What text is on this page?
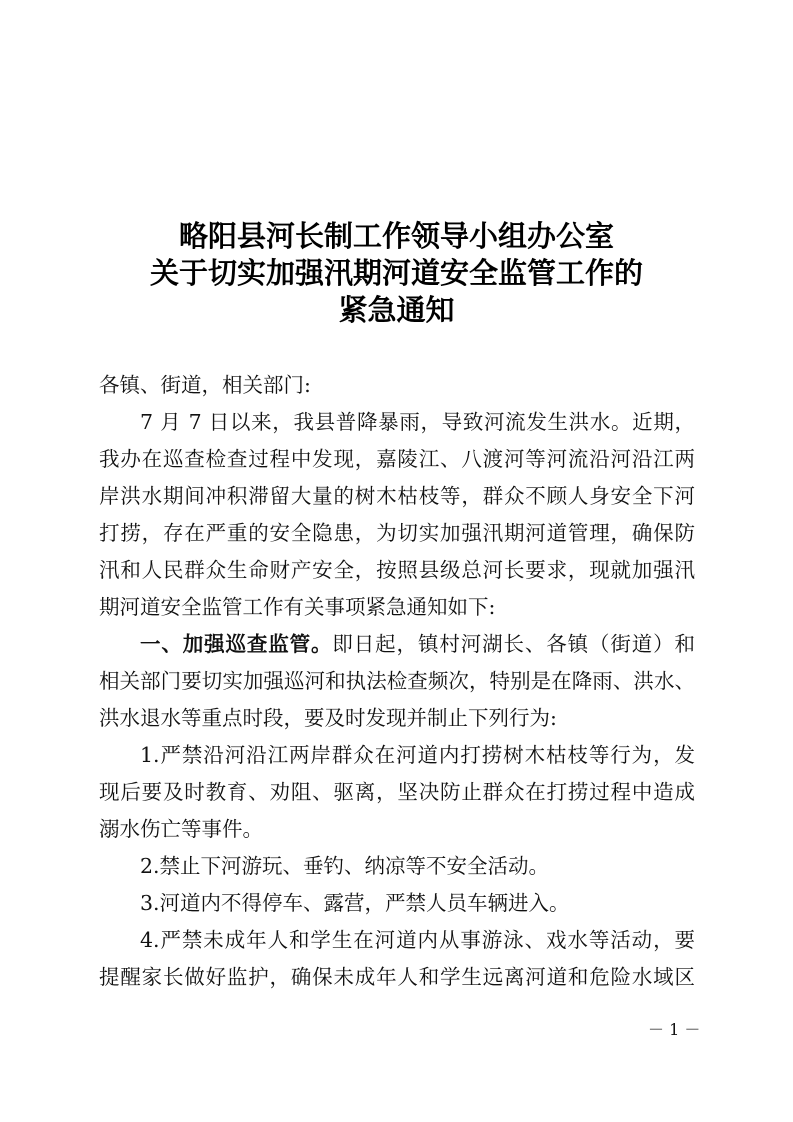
略阳县河长制工作领导小组办公室
关于切实加强汛期河道安全监管工作的
紧急通知
各镇、街道，相关部门:
7 月 7 日以来，我县普降暴雨，导致河流发生洪水。近期，
我办在巡查检查过程中发现，嘉陵江、八渡河等河流沿河沿江两
岸洪水期间冲积滞留大量的树木枯枝等，群众不顾人身安全下河
打捞，存在严重的安全隐患，为切实加强汛期河道管理，确保防
汛和人民群众生命财产安全，按照县级总河长要求，现就加强汛
期河道安全监管工作有关事项紧急通知如下:
一、加强巡查监管。即日起，镇村河湖长、各镇（街道）和
相关部门要切实加强巡河和执法检查频次，特别是在降雨、洪水、
洪水退水等重点时段，要及时发现并制止下列行为:
1.严禁沿河沿江两岸群众在河道内打捞树木枯枝等行为，发
现后要及时教育、劝阻、驱离，坚决防止群众在打捞过程中造成
溺水伤亡等事件。
2.禁止下河游玩、垂钓、纳凉等不安全活动。
3.河道内不得停车、露营，严禁人员车辆进入。
4.严禁未成年人和学生在河道内从事游泳、戏水等活动，要
提醒家长做好监护，确保未成年人和学生远离河道和危险水域区
－ 1 －
